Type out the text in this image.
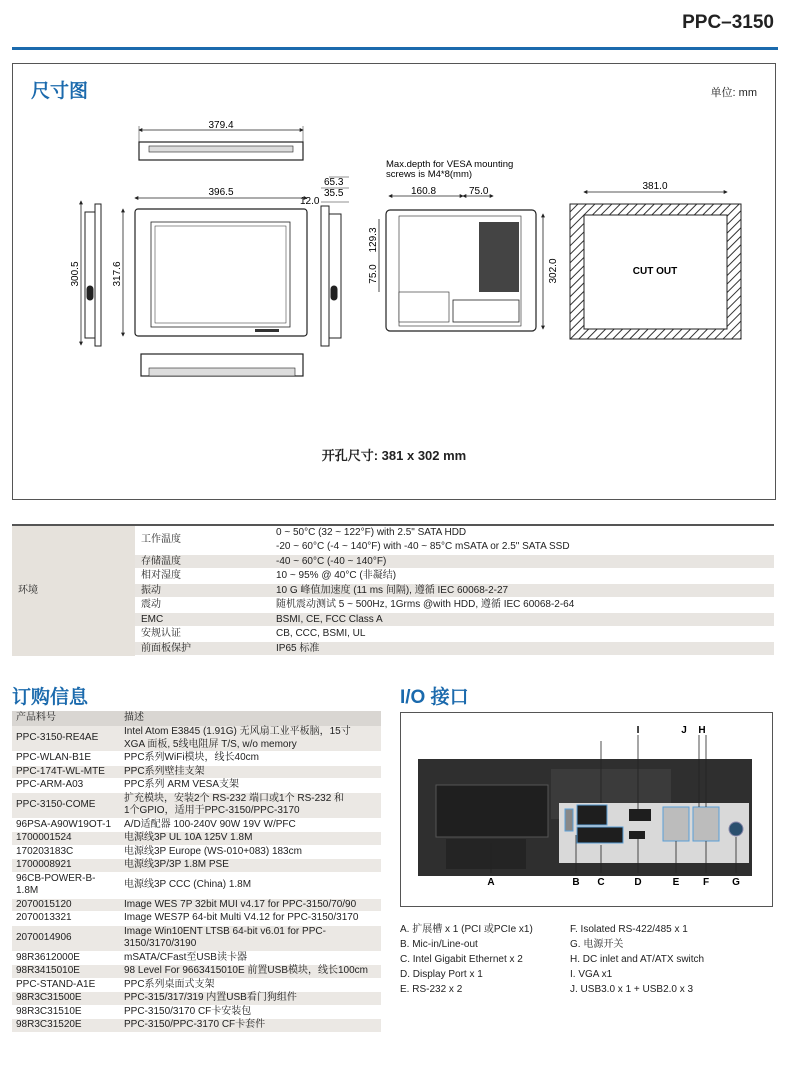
PPC–3150
尺寸图	单位: mm
379.4
396.5
317.6
300.5
65.3
35.5
12.0
Max.depth for VESA mounting
screws is M4*8(mm)
160.8	75.0
129.3
75.0	302.0
381.0
CUT OUT
开孔尺寸: 381 x 302 mm
环境	工作温度	0 ~ 50°C (32 ~ 122°F) with 2.5" SATA HDD
		-20 ~ 60°C (-4 ~ 140°F) with -40 ~ 85°C mSATA or 2.5" SATA SSD
	存储温度	-40 ~ 60°C (-40 ~ 140°F)
	相对湿度	10 ~ 95% @ 40°C (非凝结)
	振动	10 G 峰值加速度 (11 ms 间隔), 遵循 IEC 60068-2-27
	震动	随机震动测试 5 ~ 500Hz, 1Grms @with HDD, 遵循 IEC 60068-2-64
	EMC	BSMI, CE, FCC Class A
	安规认证	CB, CCC, BSMI, UL
	前面板保护	IP65 标准
订购信息
产品料号	描述
PPC-3150-RE4AE	Intel Atom E3845 (1.91G) 无风扇工业平板脑，15寸
XGA 面板, 5线电阻屏 T/S, w/o memory

PPC-WLAN-B1E	PPC系列WiFi模块，线长40cm

PPC-174T-WL-MTE	PPC系列壁挂支架

PPC-ARM-A03	PPC系列 ARM VESA支架

PPC-3150-COME	扩充模块，安装2个 RS-232 端口或1个 RS-232 和
1个GPIO，适用于PPC-3150/PPC-3170

96PSA-A90W19OT-1	A/D适配器 100-240V 90W 19V W/PFC

1700001524	电源线3P UL 10A 125V 1.8M

170203183C	电源线3P Europe (WS-010+083) 183cm

1700008921	电源线3P/3P 1.8M PSE

96CB-POWER-B-1.8M	电源线3P CCC (China) 1.8M

2070015120	Image WES 7P 32bit MUI v4.17 for PPC-3150/70/90

2070013321	Image WES7P 64-bit Multi V4.12 for PPC-3150/3170

2070014906	Image Win10ENT LTSB 64-bit v6.01 for PPC-3150/3170/3190

98R3612000E	mSATA/CFast至USB读卡器

98R3415010E	98 Level For 9663415010E 前置USB模块，线长100cm

PPC-STAND-A1E	PPC系列桌面式支架

98R3C31500E	PPC-315/317/319 内置USB看门狗组件

98R3C31510E	PPC-3150/3170 CF卡安装包

98R3C31520E	PPC-3150/PPC-3170 CF卡套件
I/O 接口
I	J H
A	B C	D	E F G
A. 扩展槽 x 1 (PCI 或PCIe x1)
B. Mic-in/Line-out
C. Intel Gigabit Ethernet x 2
D. Display Port x 1
E. RS-232 x 2
F. Isolated RS-422/485 x 1
G. 电源开关
H. DC inlet and AT/ATX switch
I. VGA x1
J. USB3.0 x 1 + USB2.0 x 3
